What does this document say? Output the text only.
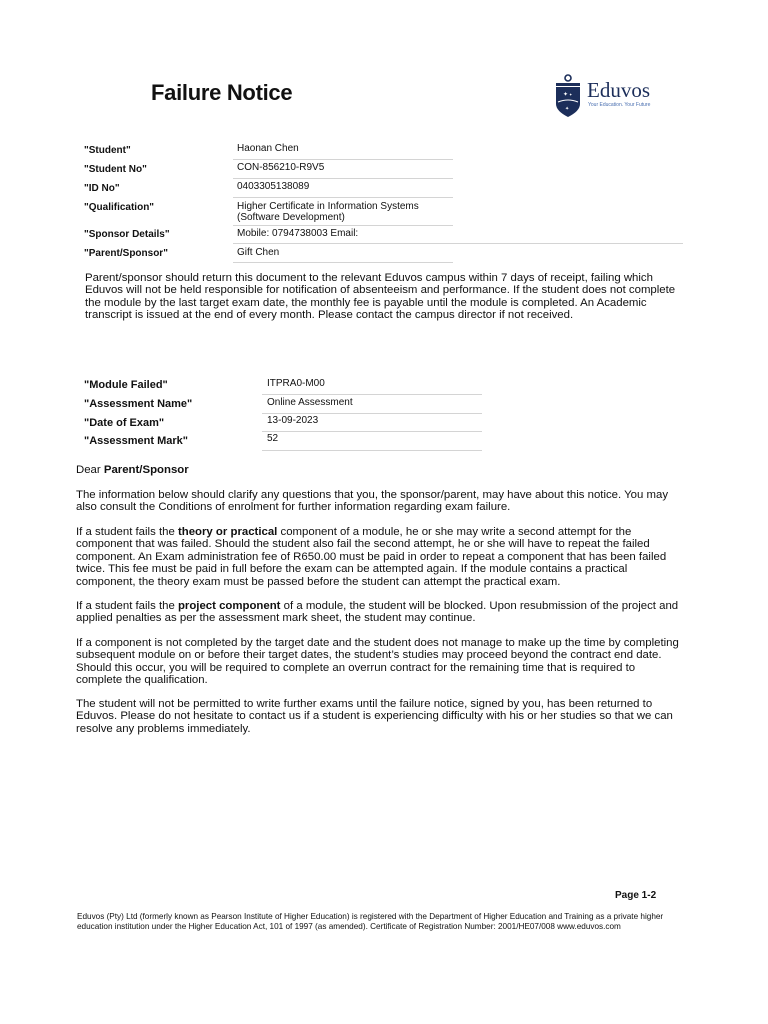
Failure Notice	✦ ✦
✦
Eduvos
Your Education. Your Future
"Student"	Haonan Chen
"Student No"	CON-856210-R9V5
"ID No"	0403305138089
"Qualification"	Higher Certificate in Information Systems
(Software Development)
"Sponsor Details"	Mobile: 0794738003 Email:
"Parent/Sponsor"	Gift Chen
Parent/sponsor should return this document to the relevant Eduvos campus within 7 days of receipt, failing which Eduvos will not be held responsible for notification of absenteeism and performance. If the student does not complete the module by the last target exam date, the monthly fee is payable until the module is completed. An Academic transcript is issued at the end of every month. Please contact the campus director if not received.
"Module Failed"	ITPRA0-M00
"Assessment Name"	Online Assessment
"Date of Exam"	13-09-2023
"Assessment Mark"	52
Dear Parent/Sponsor
The information below should clarify any questions that you, the sponsor/parent, may have about this notice. You may also consult the Conditions of enrolment for further information regarding exam failure.
If a student fails the theory or practical component of a module, he or she may write a second attempt for the component that was failed. Should the student also fail the second attempt, he or she will have to repeat the failed component. An Exam administration fee of R650.00 must be paid in order to repeat a component that has been failed twice. This fee must be paid in full before the exam can be attempted again. If the module contains a practical component, the theory exam must be passed before the student can attempt the practical exam.
If a student fails the project component of a module, the student will be blocked. Upon resubmission of the project and applied penalties as per the assessment mark sheet, the student may continue.
If a component is not completed by the target date and the student does not manage to make up the time by completing subsequent module on or before their target dates, the student’s studies may proceed beyond the contract end date. Should this occur, you will be required to complete an overrun contract for the remaining time that is required to complete the qualification.
The student will not be permitted to write further exams until the failure notice, signed by you, has been returned to Eduvos. Please do not hesitate to contact us if a student is experiencing difficulty with his or her studies so that we can resolve any problems immediately.
Page 1-2
Eduvos (Pty) Ltd (formerly known as Pearson Institute of Higher Education) is registered with the Department of Higher Education and Training as a private higher education institution under the Higher Education Act, 101 of 1997 (as amended). Certificate of Registration Number: 2001/HE07/008 www.eduvos.com
